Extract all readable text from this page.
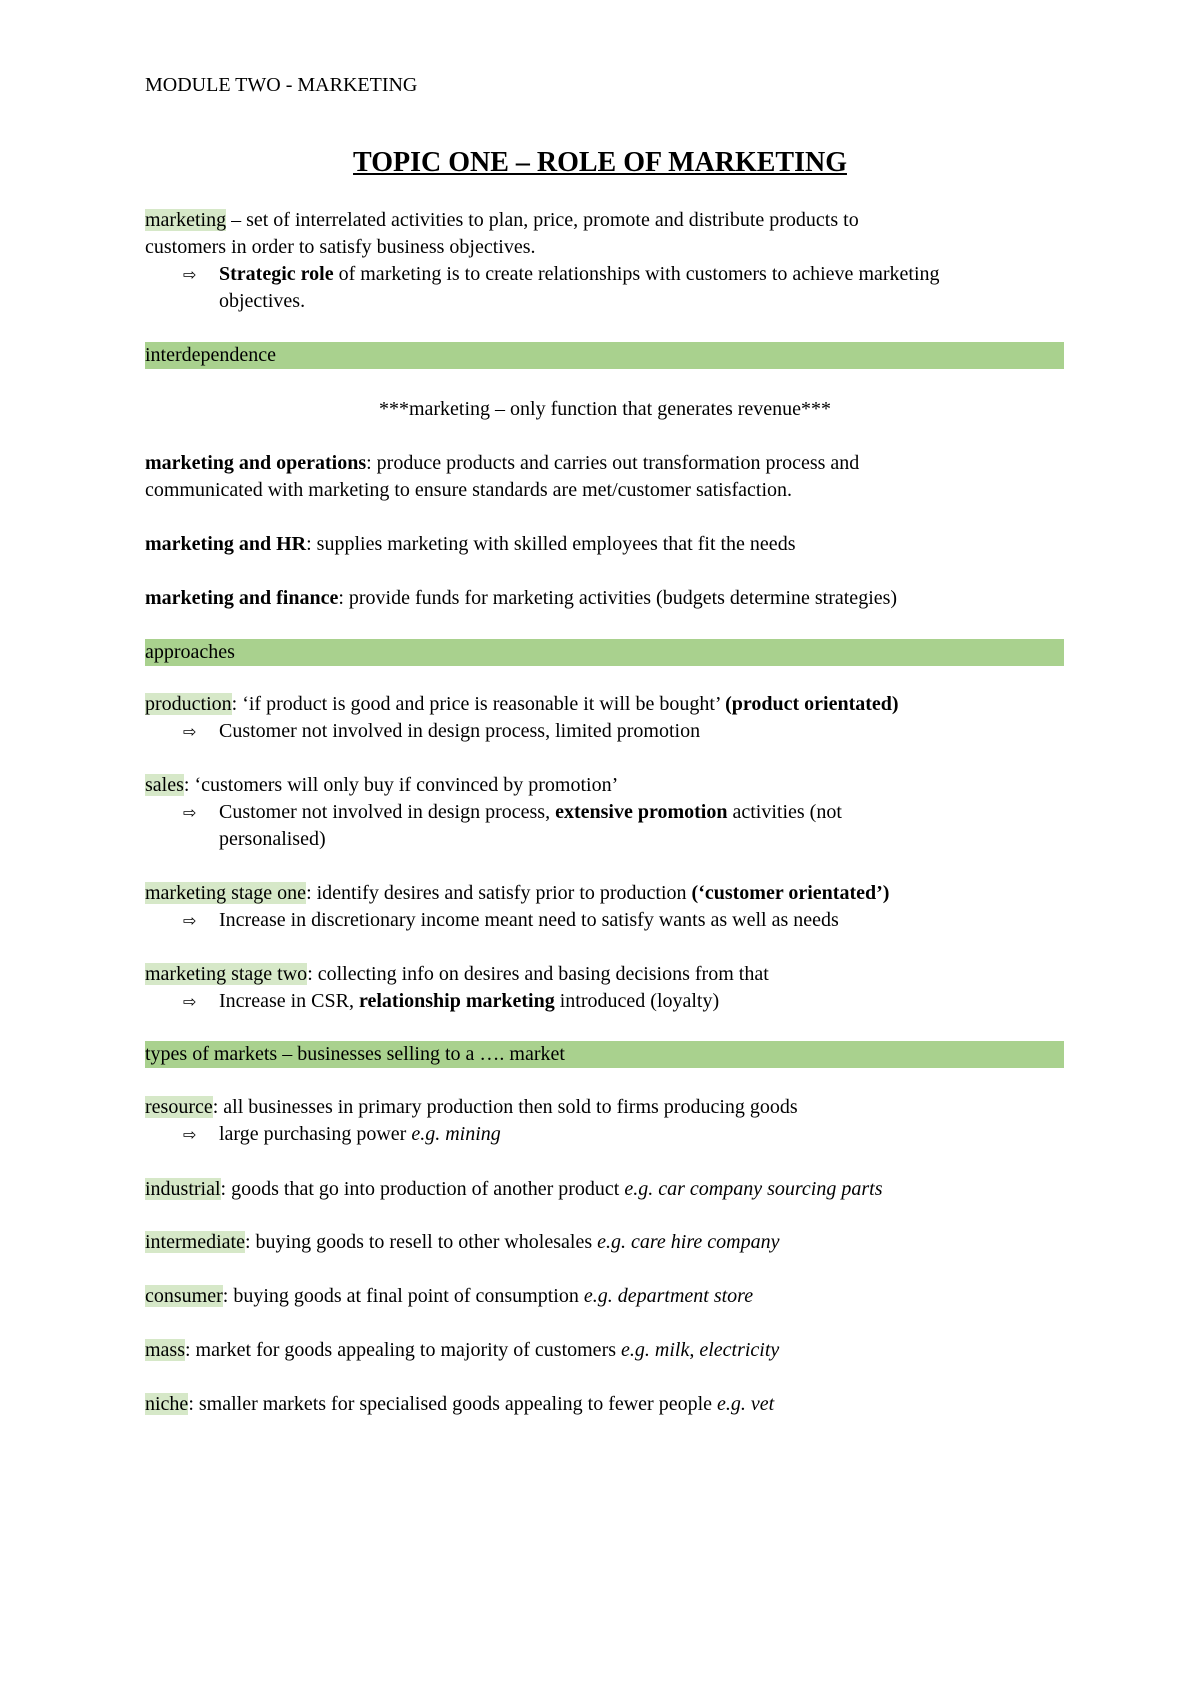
MODULE TWO - MARKETING
TOPIC ONE – ROLE OF MARKETING
marketing – set of interrelated activities to plan, price, promote and distribute products to
customers in order to satisfy business objectives.
⇨ Strategic role of marketing is to create relationships with customers to achieve marketing
objectives.
interdependence
***marketing – only function that generates revenue***
marketing and operations: produce products and carries out transformation process and
communicated with marketing to ensure standards are met/customer satisfaction.
marketing and HR: supplies marketing with skilled employees that fit the needs
marketing and finance: provide funds for marketing activities (budgets determine strategies)
approaches
production: ‘if product is good and price is reasonable it will be bought’ (product orientated)
⇨ Customer not involved in design process, limited promotion
sales: ‘customers will only buy if convinced by promotion’
⇨ Customer not involved in design process, extensive promotion activities (not
personalised)
marketing stage one: identify desires and satisfy prior to production (‘customer orientated’)
⇨ Increase in discretionary income meant need to satisfy wants as well as needs
marketing stage two: collecting info on desires and basing decisions from that
⇨ Increase in CSR, relationship marketing introduced (loyalty)
types of markets – businesses selling to a …. market
resource: all businesses in primary production then sold to firms producing goods
⇨ large purchasing power e.g. mining
industrial: goods that go into production of another product e.g. car company sourcing parts
intermediate: buying goods to resell to other wholesales e.g. care hire company
consumer: buying goods at final point of consumption e.g. department store
mass: market for goods appealing to majority of customers e.g. milk, electricity
niche: smaller markets for specialised goods appealing to fewer people e.g. vet
